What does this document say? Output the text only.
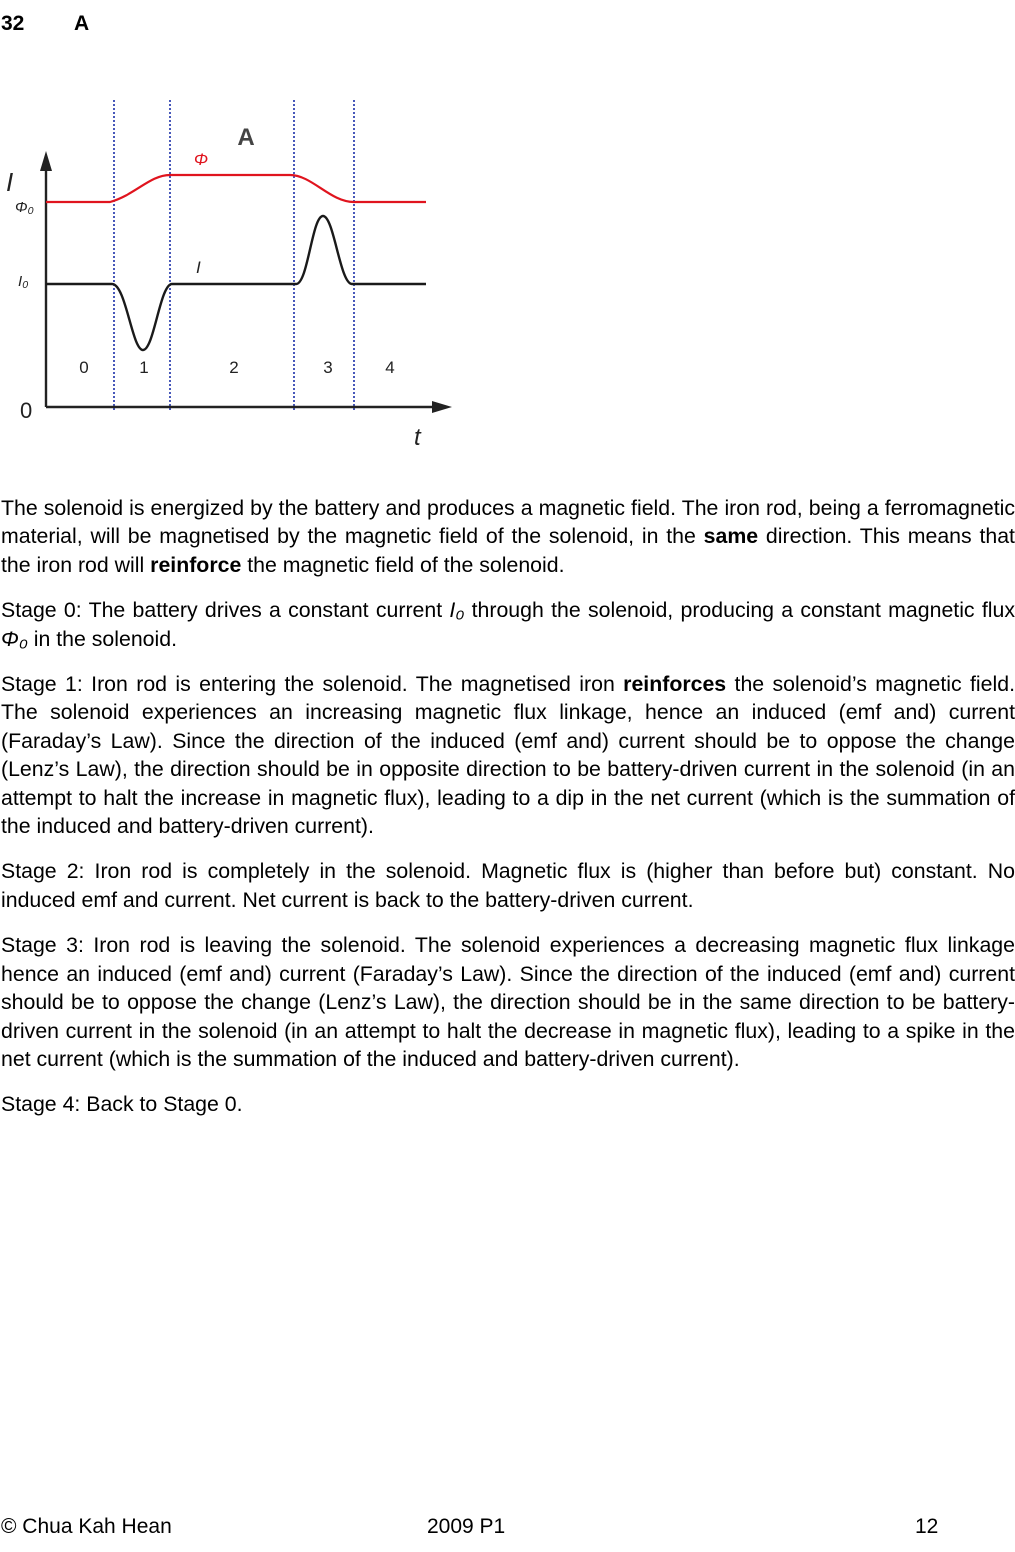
32 A
A
Φ
I
Φ₀
I
I₀
0
t
0	1	2	3	4

The solenoid is energized by the battery and produces a magnetic field. The iron rod, being a ferromagnetic material, will be magnetised by the magnetic field of the solenoid, in the same direction. This means that the iron rod will reinforce the magnetic field of the solenoid.

Stage 0: The battery drives a constant current I₀ through the solenoid, producing a constant magnetic flux Φ₀ in the solenoid.

Stage 1: Iron rod is entering the solenoid. The magnetised iron reinforces the solenoid’s magnetic field. The solenoid experiences an increasing magnetic flux linkage, hence an induced (emf and) current (Faraday’s Law). Since the direction of the induced (emf and) current should be to oppose the change (Lenz’s Law), the direction should be in opposite direction to be battery-driven current in the solenoid (in an attempt to halt the increase in magnetic flux), leading to a dip in the net current (which is the summation of the induced and battery-driven current).

Stage 2: Iron rod is completely in the solenoid. Magnetic flux is (higher than before but) constant. No induced emf and current. Net current is back to the battery-driven current.

Stage 3: Iron rod is leaving the solenoid. The solenoid experiences a decreasing magnetic flux linkage hence an induced (emf and) current (Faraday’s Law). Since the direction of the induced (emf and) current should be to oppose the change (Lenz’s Law), the direction should be in the same direction to be battery-driven current in the solenoid (in an attempt to halt the decrease in magnetic flux), leading to a spike in the net current (which is the summation of the induced and battery-driven current).

Stage 4: Back to Stage 0.

© Chua Kah Hean	2009 P1	12
